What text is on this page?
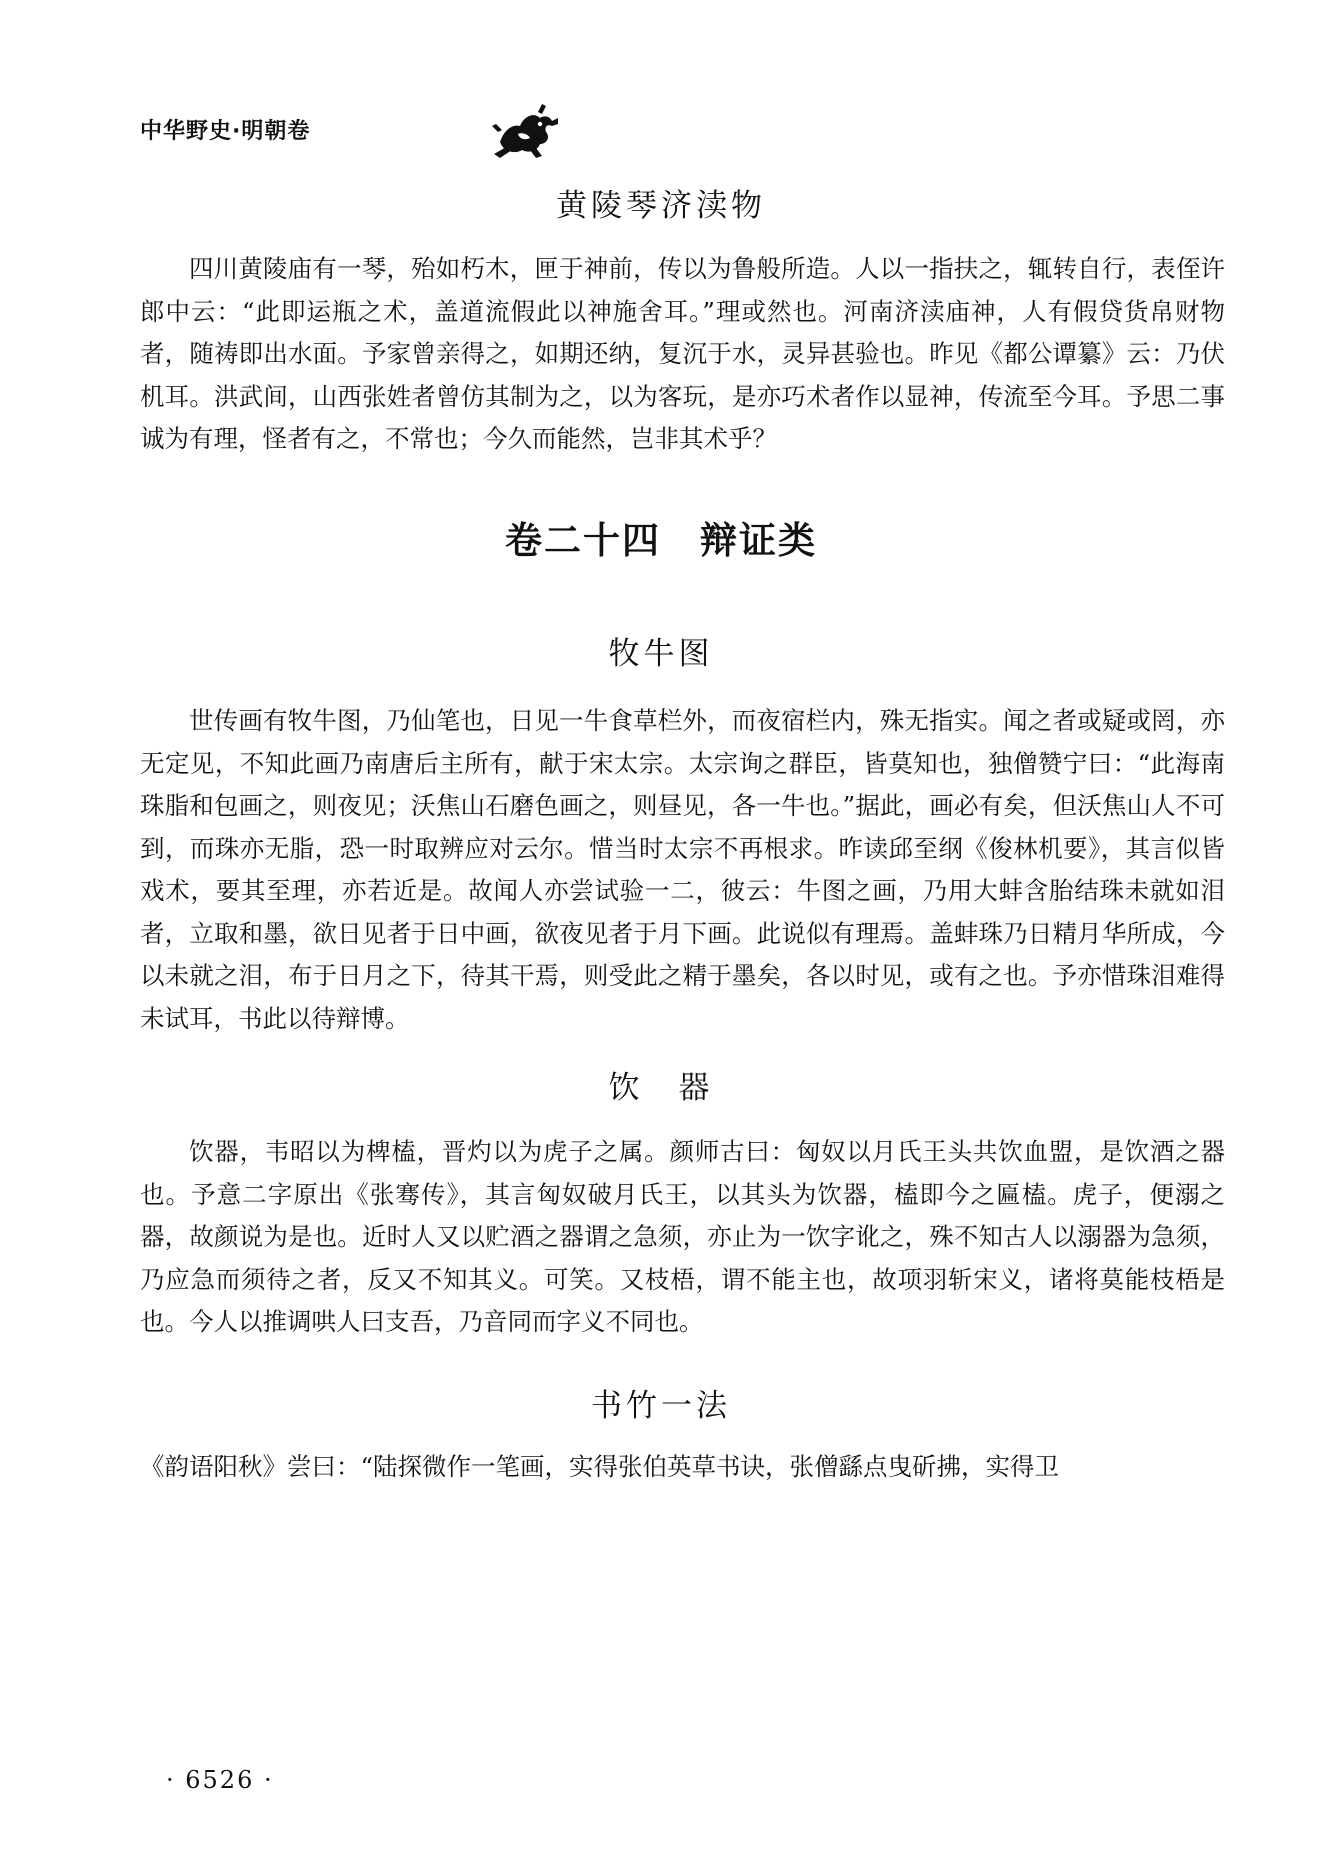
中华野史·明朝卷
黄陵琴济渎物

四川黄陵庙有一琴，殆如朽木，匣于神前，传以为鲁般所造。人以一指扶之，辄转自行，表侄许郎中云：“此即运瓶之术，盖道流假此以神施舍耳。”理或然也。河南济渎庙神，人有假贷货帛财物者，随祷即出水面。予家曾亲得之，如期还纳，复沉于水，灵异甚验也。昨见《都公谭纂》云：乃伏机耳。洪武间，山西张姓者曾仿其制为之，以为客玩，是亦巧术者作以显神，传流至今耳。予思二事诚为有理，怪者有之，不常也；今久而能然，岂非其术乎？

卷二十四　辩证类
牧牛图

世传画有牧牛图，乃仙笔也，日见一牛食草栏外，而夜宿栏内，殊无指实。闻之者或疑或罔，亦无定见，不知此画乃南唐后主所有，献于宋太宗。太宗询之群臣，皆莫知也，独僧赞宁曰：“此海南珠脂和包画之，则夜见；沃焦山石磨色画之，则昼见，各一牛也。”据此，画必有矣，但沃焦山人不可到，而珠亦无脂，恐一时取辨应对云尔。惜当时太宗不再根求。昨读邱至纲《俊林机要》，其言似皆戏术，要其至理，亦若近是。故闻人亦尝试验一二，彼云：牛图之画，乃用大蚌含胎结珠未就如泪者，立取和墨，欲日见者于日中画，欲夜见者于月下画。此说似有理焉。盖蚌珠乃日精月华所成，今以未就之泪，布于日月之下，待其干焉，则受此之精于墨矣，各以时见，或有之也。予亦惜珠泪难得未试耳，书此以待辩博。

饮　器

饮器，韦昭以为椑榼，晋灼以为虎子之属。颜师古曰：匈奴以月氏王头共饮血盟，是饮酒之器也。予意二字原出《张骞传》，其言匈奴破月氏王，以其头为饮器，榼即今之匾榼。虎子，便溺之器，故颜说为是也。近时人又以贮酒之器谓之急须，亦止为一饮字讹之，殊不知古人以溺器为急须，乃应急而须待之者，反又不知其义。可笑。又枝梧，谓不能主也，故项羽斩宋义，诸将莫能枝梧是也。今人以推调哄人曰支吾，乃音同而字义不同也。

书竹一法

《韵语阳秋》尝曰：“陆探微作一笔画，实得张伯英草书诀，张僧繇点曳斫拂，实得卫

· 6526 ·
